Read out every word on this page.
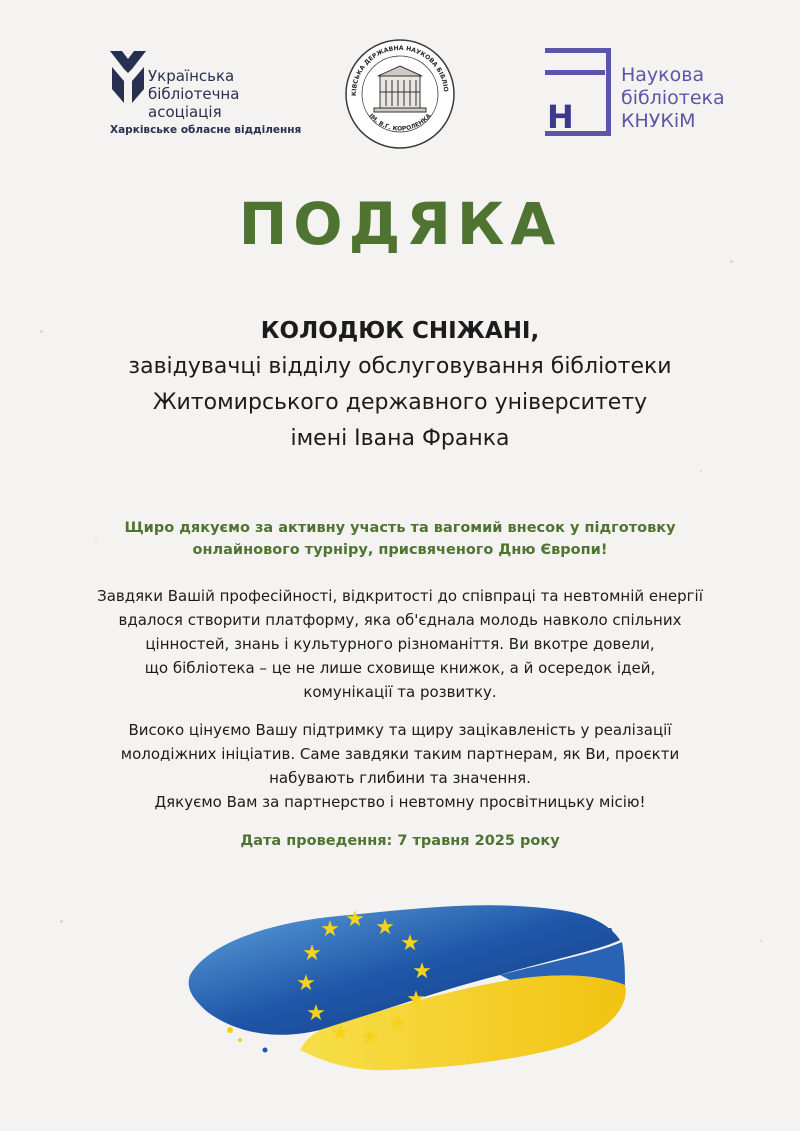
Українська
бібліотечна
асоціація
Харківське обласне відділення
КІВСЬКА ДЕРЖАВНА НАУКОВА БІБЛІО
ІМ. В.Г. КОРОЛЕНКА	Н
Наукова
бібліотека
КНУКіМ
ПОДЯКА
КОЛОДЮК СНІЖАНІ,
завідувачці відділу обслуговування бібліотеки
Житомирського державного університету
імені Івана Франка
Щиро дякуємо за активну участь та вагомий внесок у підготовку
онлайнового турніру, присвяченого Дню Європи!
Завдяки Вашій професійності, відкритості до співпраці та невтомній енергії
вдалося створити платформу, яка об'єднала молодь навколо спільних
цінностей, знань і культурного різноманіття. Ви вкотре довели,
що бібліотека – це не лише сховище книжок, а й осередок ідей,
комунікації та розвитку.
Високо цінуємо Вашу підтримку та щиру зацікавленість у реалізації
молодіжних ініціатив. Саме завдяки таким партнерам, як Ви, проєкти
набувають глибини та значення.
Дякуємо Вам за партнерство і невтомну просвітницьку місію!
Дата проведення: 7 травня 2025 року
★ ★
★
★
★
★
★
★
★
★
★
★
